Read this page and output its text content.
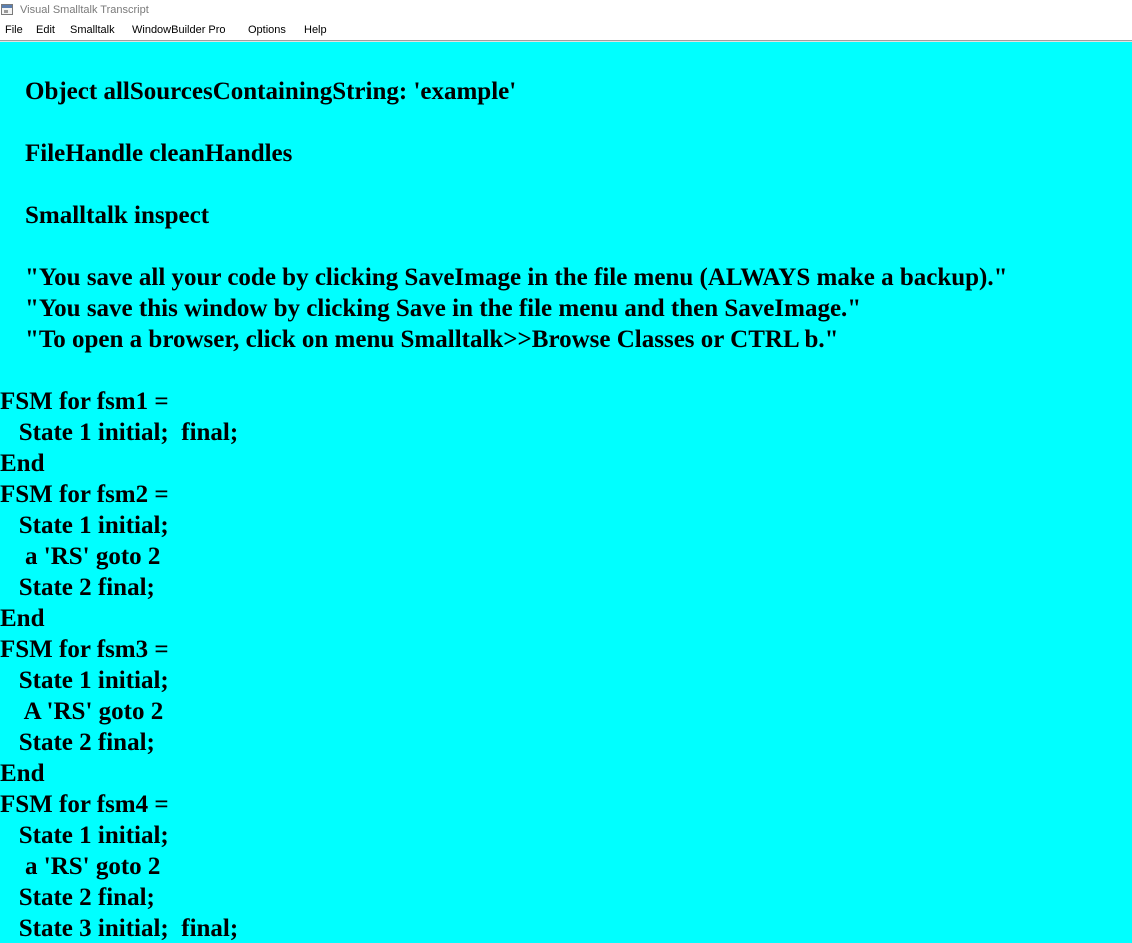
Visual Smalltalk Transcript
File Edit Smalltalk WindowBuilder Pro Options Help
Object allSourcesContainingString: 'example'
FileHandle cleanHandles
Smalltalk inspect
"You save all your code by clicking SaveImage in the file menu (ALWAYS make a backup)."
"You save this window by clicking Save in the file menu and then SaveImage."
"To open a browser, click on menu Smalltalk>>Browse Classes or CTRL b."
FSM for fsm1 =
State 1 initial;  final;
End
FSM for fsm2 =
State 1 initial;
a 'RS' goto 2
State 2 final;
End
FSM for fsm3 =
State 1 initial;
A 'RS' goto 2
State 2 final;
End
FSM for fsm4 =
State 1 initial;
a 'RS' goto 2
State 2 final;
State 3 initial;  final;
